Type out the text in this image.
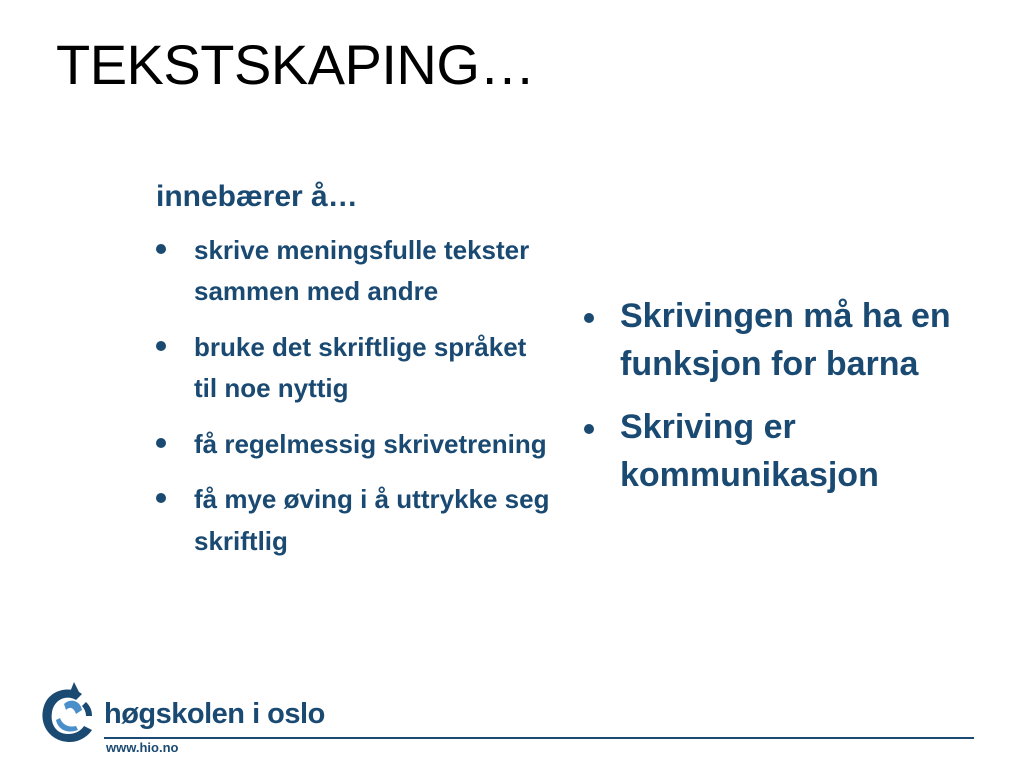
TEKSTSKAPING…
innebærer å…
skrive meningsfulle tekster sammen med andre
bruke det skriftlige språket til noe nyttig
få regelmessig skrivetrening
få mye øving i å uttrykke seg skriftlig
Skrivingen må ha en funksjon for barna
Skriving er kommunikasjon
høgskolen i oslo
www.hio.no
